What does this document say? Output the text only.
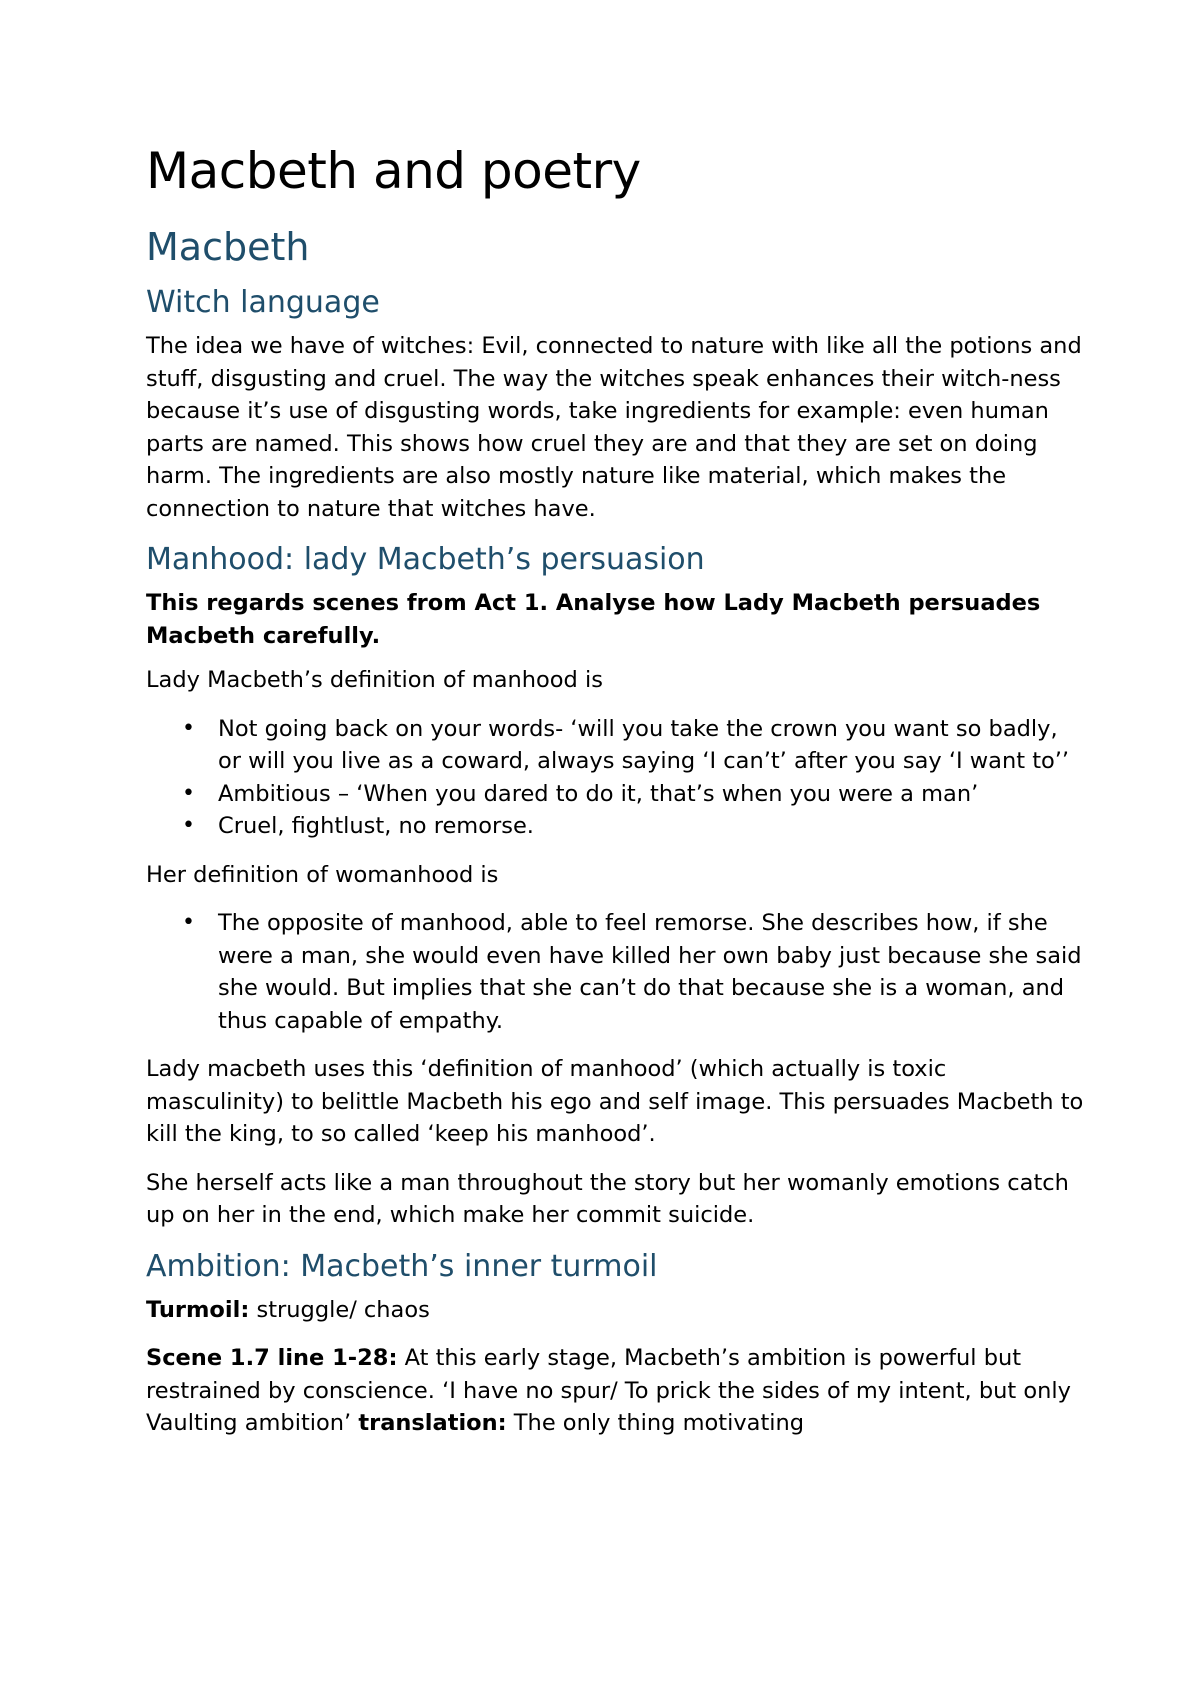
Macbeth and poetry
Macbeth
Witch language

The idea we have of witches: Evil, connected to nature with like all the potions and stuff, disgusting and cruel. The way the witches speak enhances their witch-ness because it’s use of disgusting words, take ingredients for example: even human parts are named. This shows how cruel they are and that they are set on doing harm. The ingredients are also mostly nature like material, which makes the connection to nature that witches have.

Manhood: lady Macbeth’s persuasion

This regards scenes from Act 1. Analyse how Lady Macbeth persuades Macbeth carefully.

Lady Macbeth’s definition of manhood is

• Not going back on your words- ‘will you take the crown you want so badly, or will you live as a coward, always saying ‘I can’t’ after you say ‘I want to’’
• Ambitious – ‘When you dared to do it, that’s when you were a man’
• Cruel, fightlust, no remorse.

Her definition of womanhood is

• The opposite of manhood, able to feel remorse. She describes how, if she were a man, she would even have killed her own baby just because she said she would. But implies that she can’t do that because she is a woman, and thus capable of empathy.

Lady macbeth uses this ‘definition of manhood’ (which actually is toxic masculinity) to belittle Macbeth his ego and self image. This persuades Macbeth to kill the king, to so called ‘keep his manhood’.

She herself acts like a man throughout the story but her womanly emotions catch up on her in the end, which make her commit suicide.

Ambition: Macbeth’s inner turmoil

Turmoil: struggle/ chaos

Scene 1.7 line 1-28: At this early stage, Macbeth’s ambition is powerful but restrained by conscience. ‘I have no spur/ To prick the sides of my intent, but only Vaulting ambition’ translation: The only thing motivating
